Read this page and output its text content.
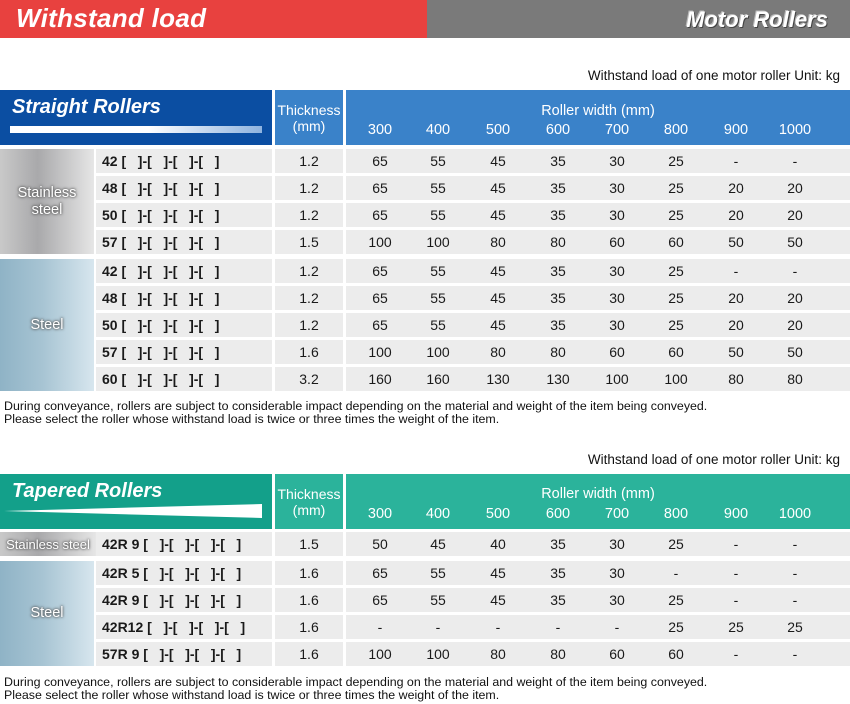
Withstand load	Motor Rollers
Withstand load of one motor roller Unit: kg
Straight Rollers	Thickness
(mm)
Roller width (mm)
300	400	500	600	700	800	900	1000
42 [   ]-[   ]-[   ]-[   ]	1.2	65	55	45	35	30	25	-	-
48 [   ]-[   ]-[   ]-[   ]	1.2	65	55	45	35	30	25	20	20
50 [   ]-[   ]-[   ]-[   ]	1.2	65	55	45	35	30	25	20	20
57 [   ]-[   ]-[   ]-[   ]	1.5	100	100	80	80	60	60	50	50
Stainless steel
42 [   ]-[   ]-[   ]-[   ]	1.2	65	55	45	35	30	25	-	-
48 [   ]-[   ]-[   ]-[   ]	1.2	65	55	45	35	30	25	20	20
50 [   ]-[   ]-[   ]-[   ]	1.2	65	55	45	35	30	25	20	20
57 [   ]-[   ]-[   ]-[   ]	1.6	100	100	80	80	60	60	50	50
60 [   ]-[   ]-[   ]-[   ]	3.2	160	160	130	130	100	100	80	80
Steel
During conveyance, rollers are subject to considerable impact depending on the material and weight of the item being conveyed.
Please select the roller whose withstand load is twice or three times the weight of the item.
Withstand load of one motor roller Unit: kg
Tapered Rollers	Thickness
(mm)
Roller width (mm)
300	400	500	600	700	800	900	1000
42R 9 [   ]-[   ]-[   ]-[   ]	1.5	50	45	40	35	30	25	-	-
Stainless steel
42R 5 [   ]-[   ]-[   ]-[   ]	1.6	65	55	45	35	30	-	-	-
42R 9 [   ]-[   ]-[   ]-[   ]	1.6	65	55	45	35	30	25	-	-
42R12 [   ]-[   ]-[   ]-[   ]	1.6	-	-	-	-	-	25	25	25
57R 9 [   ]-[   ]-[   ]-[   ]	1.6	100	100	80	80	60	60	-	-
Steel
During conveyance, rollers are subject to considerable impact depending on the material and weight of the item being conveyed.
Please select the roller whose withstand load is twice or three times the weight of the item.
